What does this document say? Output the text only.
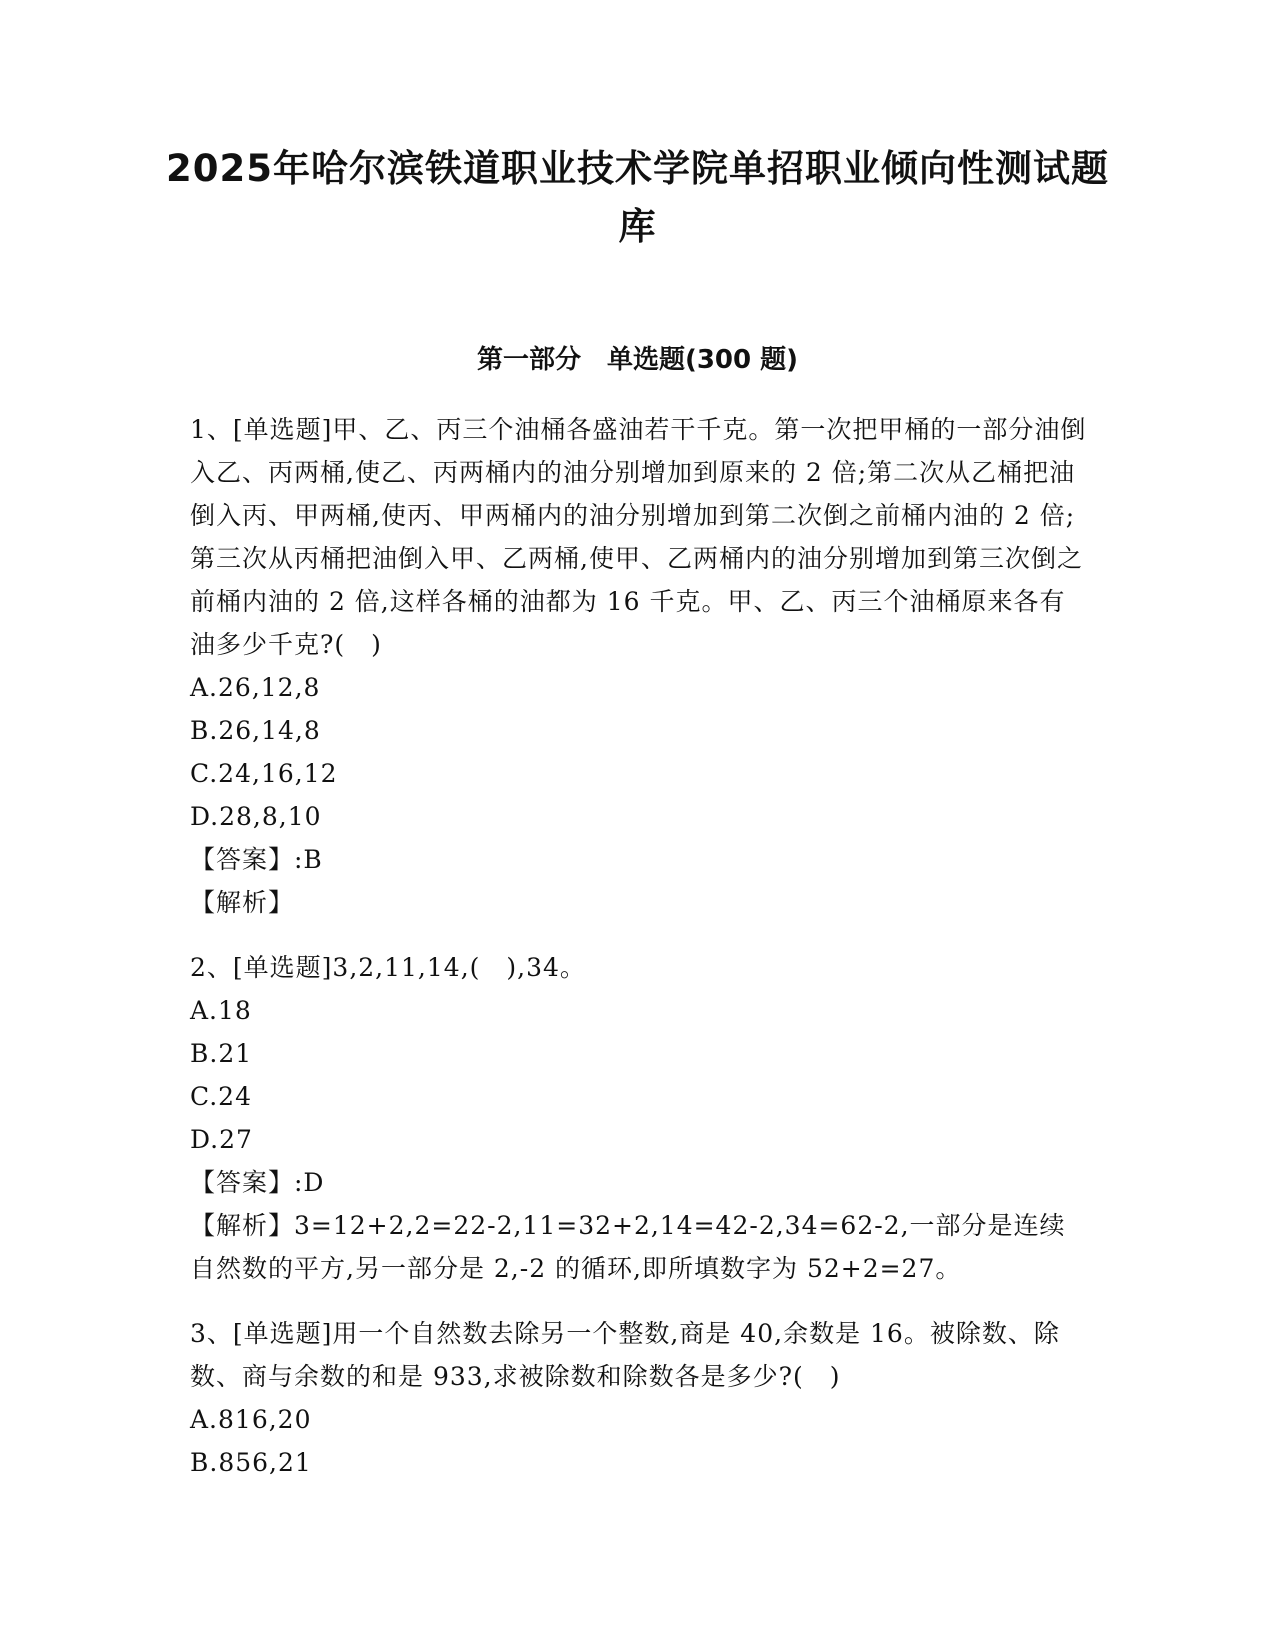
2025年哈尔滨铁道职业技术学院单招职业倾向性测试题库
第一部分　单选题(300 题)

1、[单选题]甲、乙、丙三个油桶各盛油若干千克。第一次把甲桶的一部分油倒入乙、丙两桶,使乙、丙两桶内的油分别增加到原来的 2 倍;第二次从乙桶把油倒入丙、甲两桶,使丙、甲两桶内的油分别增加到第二次倒之前桶内油的 2 倍;第三次从丙桶把油倒入甲、乙两桶,使甲、乙两桶内的油分别增加到第三次倒之前桶内油的 2 倍,这样各桶的油都为 16 千克。甲、乙、丙三个油桶原来各有油多少千克?(　)

A.26,12,8

B.26,14,8

C.24,16,12

D.28,8,10

【答案】:B

【解析】

2、[单选题]3,2,11,14,(　),34。

A.18

B.21

C.24

D.27

【答案】:D

【解析】3=12+2,2=22-2,11=32+2,14=42-2,34=62-2,一部分是连续自然数的平方,另一部分是 2,-2 的循环,即所填数字为 52+2=27。

3、[单选题]用一个自然数去除另一个整数,商是 40,余数是 16。被除数、除数、商与余数的和是 933,求被除数和除数各是多少?(　)

A.816,20

B.856,21
